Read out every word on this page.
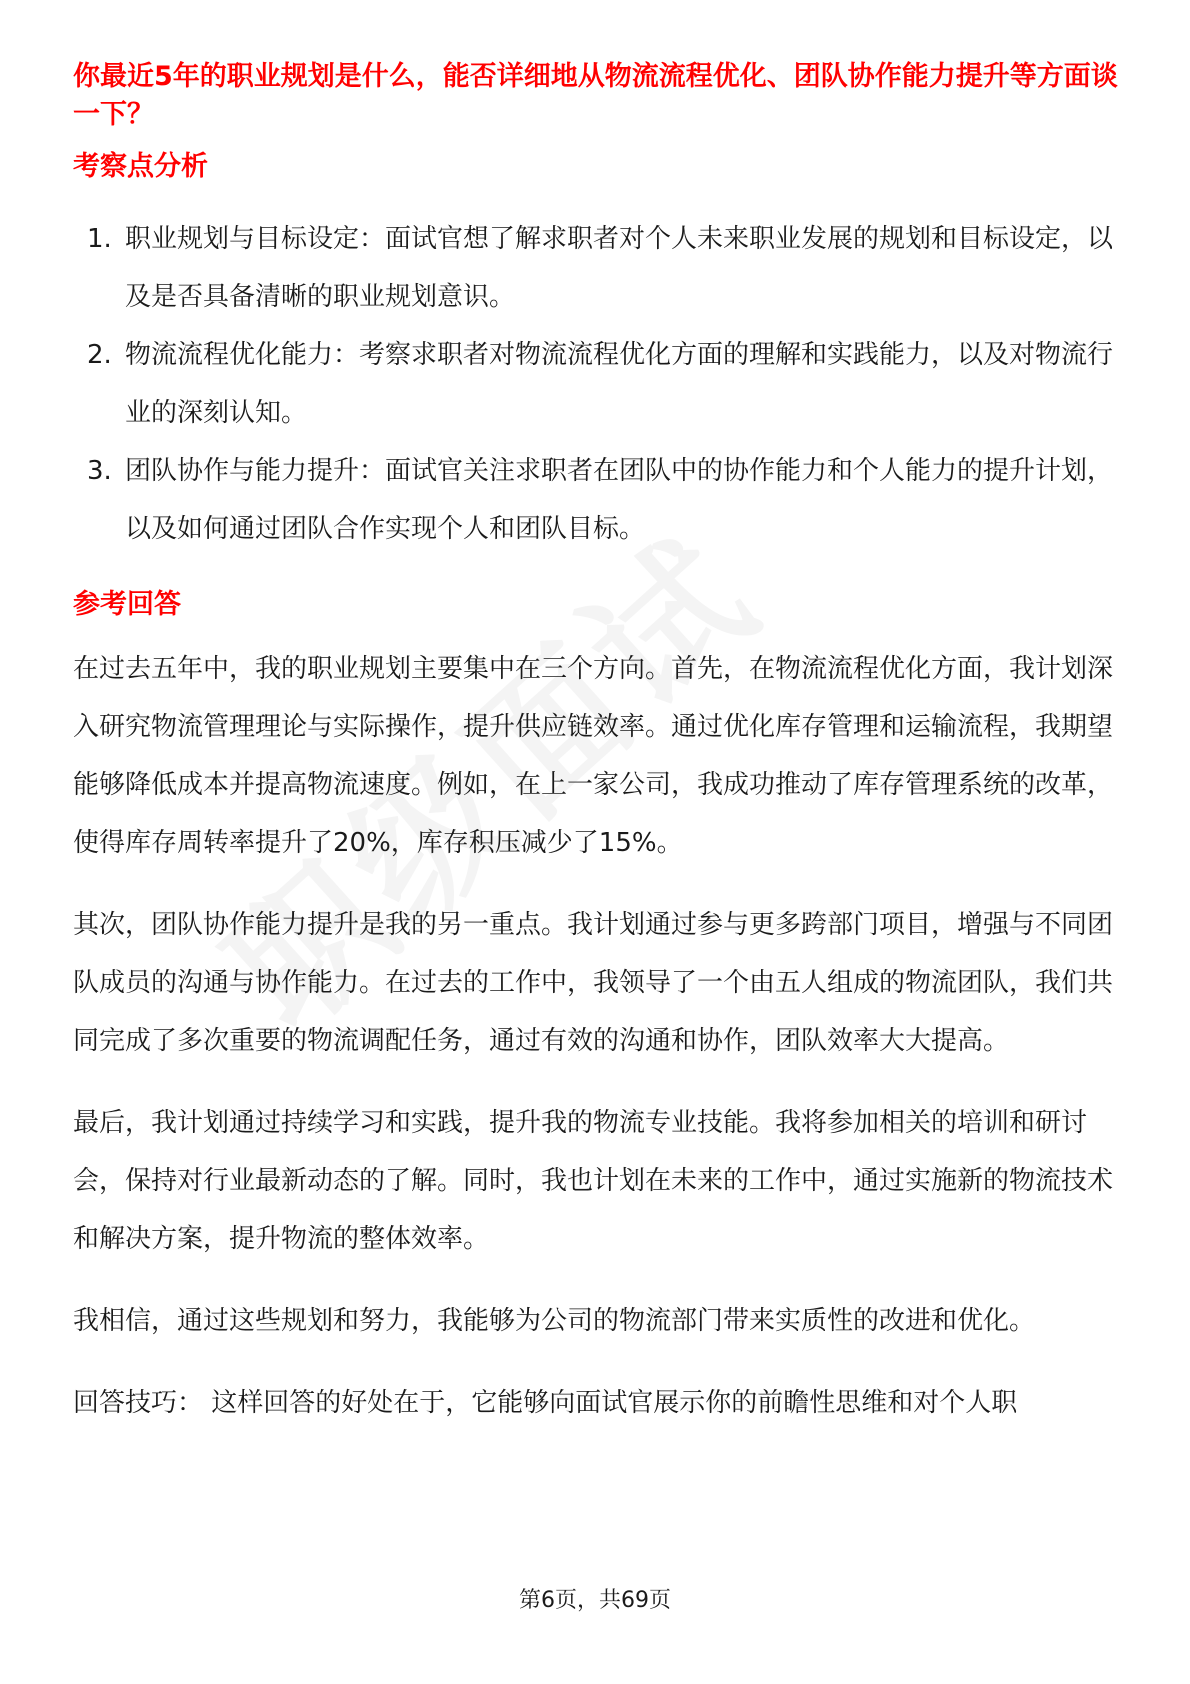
你最近5年的职业规划是什么，能否详细地从物流流程优化、团队协作能力提升等方面谈一下？
考察点分析
1. 职业规划与目标设定：面试官想了解求职者对个人未来职业发展的规划和目标设定，以及是否具备清晰的职业规划意识。
2. 物流流程优化能力：考察求职者对物流流程优化方面的理解和实践能力，以及对物流行业的深刻认知。
3. 团队协作与能力提升：面试官关注求职者在团队中的协作能力和个人能力的提升计划，以及如何通过团队合作实现个人和团队目标。
参考回答

在过去五年中，我的职业规划主要集中在三个方向。首先，在物流流程优化方面，我计划深入研究物流管理理论与实际操作，提升供应链效率。通过优化库存管理和运输流程，我期望能够降低成本并提高物流速度。例如，在上一家公司，我成功推动了库存管理系统的改革，使得库存周转率提升了20%，库存积压减少了15%。

其次，团队协作能力提升是我的另一重点。我计划通过参与更多跨部门项目，增强与不同团队成员的沟通与协作能力。在过去的工作中，我领导了一个由五人组成的物流团队，我们共同完成了多次重要的物流调配任务，通过有效的沟通和协作，团队效率大大提高。

最后，我计划通过持续学习和实践，提升我的物流专业技能。我将参加相关的培训和研讨会，保持对行业最新动态的了解。同时，我也计划在未来的工作中，通过实施新的物流技术和解决方案，提升物流的整体效率。

我相信，通过这些规划和努力，我能够为公司的物流部门带来实质性的改进和优化。

回答技巧： 这样回答的好处在于，它能够向面试官展示你的前瞻性思维和对个人职

第6页，共69页
